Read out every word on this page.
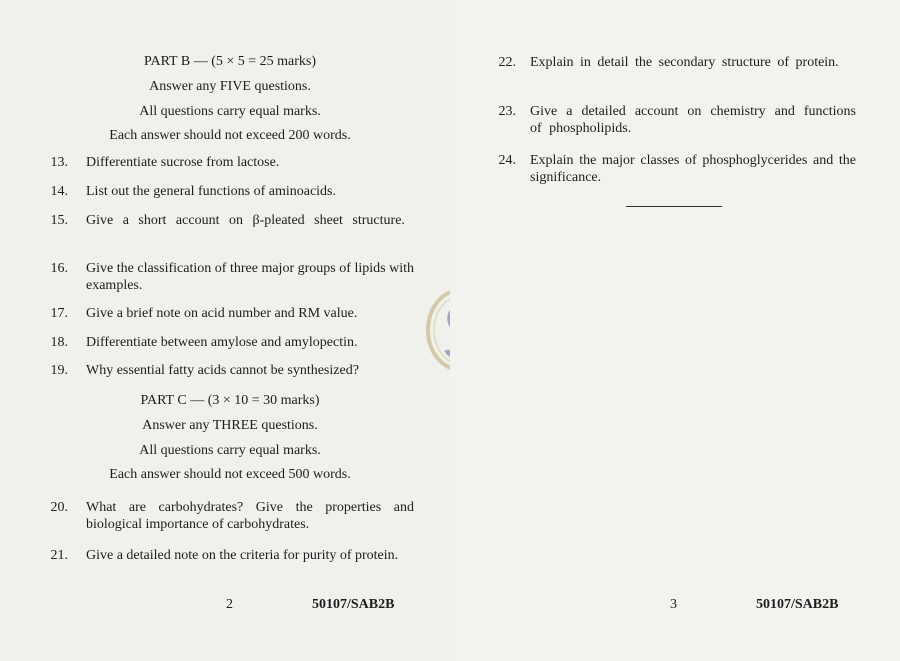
PART B — (5 × 5 = 25 marks)
Answer any FIVE questions.
All questions carry equal marks.
Each answer should not exceed 200 words.
13. Differentiate sucrose from lactose.
14. List out the general functions of aminoacids.
15. Give a short account on β-pleated sheet structure.
16. Give the classification of three major groups of lipids with examples.
17. Give a brief note on acid number and RM value.
18. Differentiate between amylose and amylopectin.
19. Why essential fatty acids cannot be synthesized?
PART C — (3 × 10 = 30 marks)
Answer any THREE questions.
All questions carry equal marks.
Each answer should not exceed 500 words.
20. What are carbohydrates? Give the properties and biological importance of carbohydrates.
21. Give a detailed note on the criteria for purity of protein.
2	50107/SAB2B
22. Explain in detail the secondary structure of protein.
23. Give a detailed account on chemistry and functions of phospholipids.
24. Explain the major classes of phosphoglycerides and the significance.
3	50107/SAB2B
